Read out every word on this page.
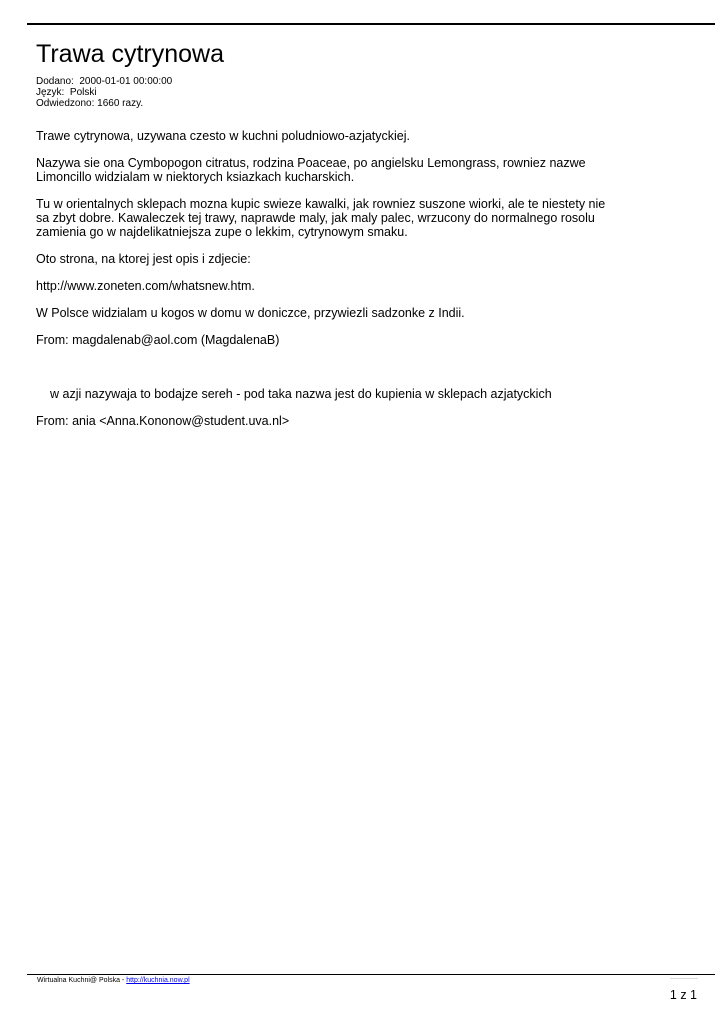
Trawa cytrynowa
Dodano: 2000-01-01 00:00:00
Język: Polski
Odwiedzono: 1660 razy.

Trawe cytrynowa, uzywana czesto w kuchni poludniowo-azjatyckiej.

Nazywa sie ona Cymbopogon citratus, rodzina Poaceae, po angielsku Lemongrass, rowniez nazwe Limoncillo widzialam w niektorych ksiazkach kucharskich.

Tu w orientalnych sklepach mozna kupic swieze kawalki, jak rowniez suszone wiorki, ale te niestety nie sa zbyt dobre. Kawaleczek tej trawy, naprawde maly, jak maly palec, wrzucony do normalnego rosolu zamienia go w najdelikatniejsza zupe o lekkim, cytrynowym smaku.

Oto strona, na ktorej jest opis i zdjecie:

http://www.zoneten.com/whatsnew.htm.

W Polsce widzialam u kogos w domu w doniczce, przywiezli sadzonke z Indii.

From: magdalenab@aol.com (MagdalenaB)

w azji nazywaja to bodajze sereh - pod taka nazwa jest do kupienia w sklepach azjatyckich

From: ania <Anna.Kononow@student.uva.nl>

Wirtualna Kuchni@ Polska - http://kuchnia.now.pl
1 z 1
